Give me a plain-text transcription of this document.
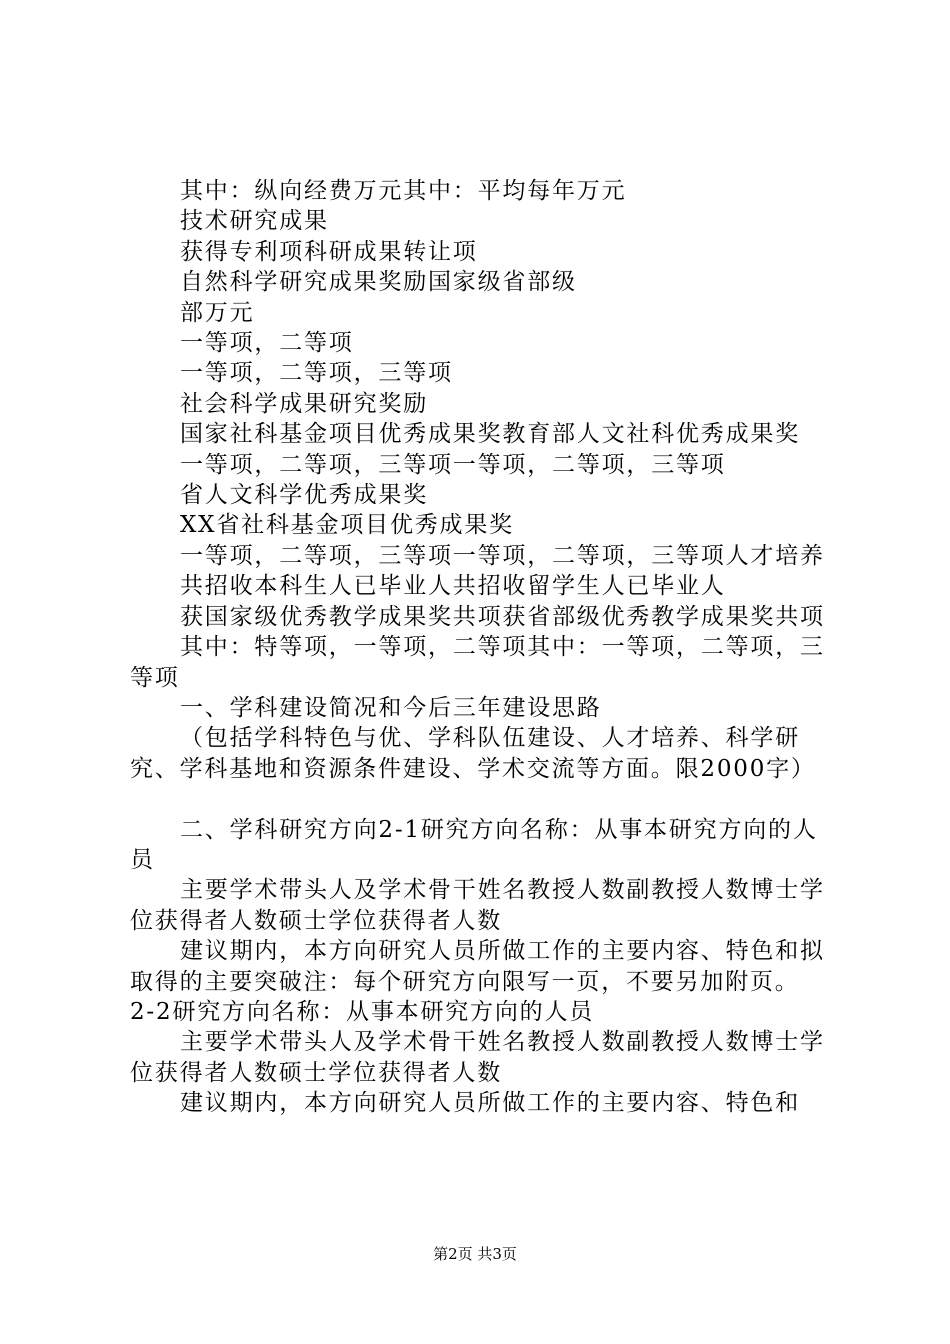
其中：纵向经费万元其中：平均每年万元

技术研究成果

获得专利项科研成果转让项

自然科学研究成果奖励国家级省部级

部万元

一等项，二等项

一等项，二等项，三等项

社会科学成果研究奖励

国家社科基金项目优秀成果奖教育部人文社科优秀成果奖

一等项，二等项，三等项一等项，二等项，三等项

省人文科学优秀成果奖

XX省社科基金项目优秀成果奖

一等项，二等项，三等项一等项，二等项，三等项人才培养

共招收本科生人已毕业人共招收留学生人已毕业人

获国家级优秀教学成果奖共项获省部级优秀教学成果奖共项

其中：特等项，一等项，二等项其中：一等项，二等项，三等项

一、学科建设简况和今后三年建设思路

（包括学科特色与优、学科队伍建设、人才培养、科学研究、学科基地和资源条件建设、学术交流等方面。限2000字）

二、学科研究方向2-1研究方向名称：从事本研究方向的人员

主要学术带头人及学术骨干姓名教授人数副教授人数博士学位获得者人数硕士学位获得者人数

建议期内，本方向研究人员所做工作的主要内容、特色和拟取得的主要突破注：每个研究方向限写一页，不要另加附页。

2-2研究方向名称：从事本研究方向的人员

主要学术带头人及学术骨干姓名教授人数副教授人数博士学位获得者人数硕士学位获得者人数

建议期内，本方向研究人员所做工作的主要内容、特色和

第2页 共3页
